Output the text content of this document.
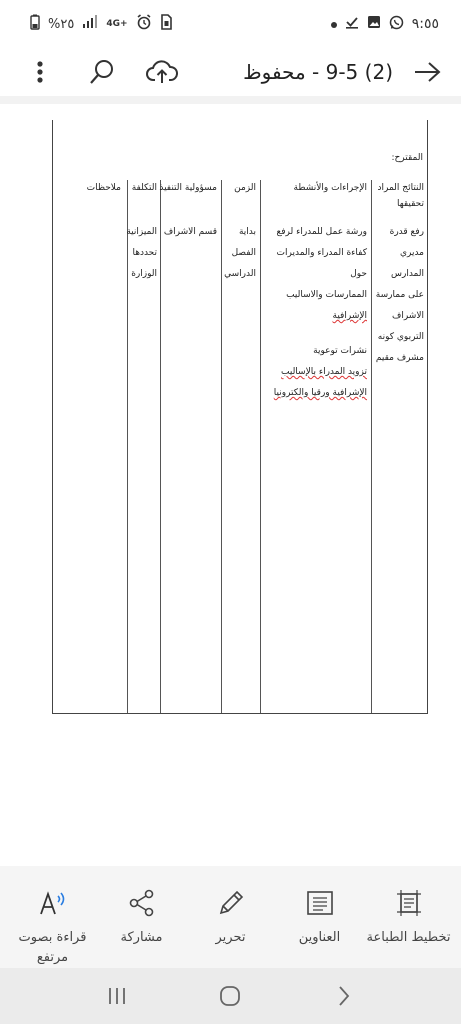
%٢٥	4G+	٩:٥٥
(2) 9-5 - محفوظ
المقترح:
النتائج المراد تحقيقها
الإجراءات والأنشطة
الزمن
مسؤولية التنفيذ
التكلفة
ملاحظات
رفع قدرة
مديري
المدارس
على ممارسة
الاشراف
التربوي كونه
مشرف مقيم
ورشة عمل للمدراء لرفع
كفاءة المدراء والمديرات حول
الممارسات والاساليب
الإشرافية
نشرات توعوية
تزويد المدراء بالإساليب
الإشرافية ورقيا والكترونيا
بداية
الفصل
الدراسي
قسم الاشراف
الميزانية
تحددها
الوزارة
تخطيط الطباعة
العناوين
تحرير
مشاركة
قراءة بصوت مرتفع
